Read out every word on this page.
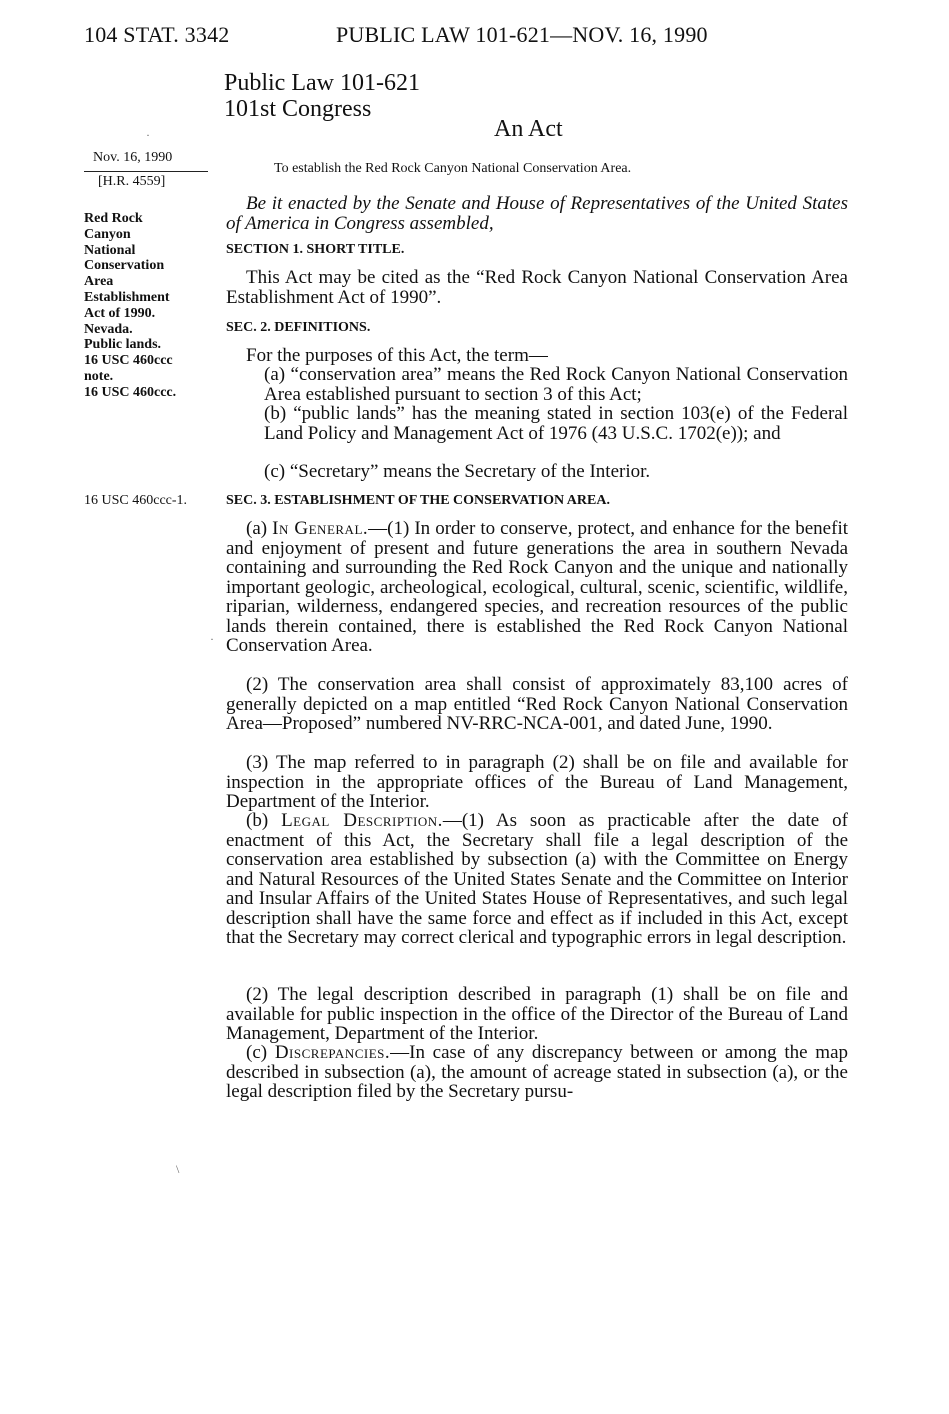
104 STAT. 3342	PUBLIC LAW 101-621—NOV. 16, 1990
Public Law 101-621
101st Congress
An Act
Nov. 16, 1990
[H.R. 4559]
Red Rock
Canyon
National
Conservation
Area
Establishment
Act of 1990.
Nevada.
Public lands.
16 USC 460ccc
note.
16 USC 460ccc.
To establish the Red Rock Canyon National Conservation Area.
Be it enacted by the Senate and House of Representatives of the United States of America in Congress assembled,
SECTION 1. SHORT TITLE.
This Act may be cited as the “Red Rock Canyon National Conservation Area Establishment Act of 1990”.
SEC. 2. DEFINITIONS.
For the purposes of this Act, the term—
(a) “conservation area” means the Red Rock Canyon National Conservation Area established pursuant to section 3 of this Act;
(b) “public lands” has the meaning stated in section 103(e) of the Federal Land Policy and Management Act of 1976 (43 U.S.C. 1702(e)); and
(c) “Secretary” means the Secretary of the Interior.
16 USC 460ccc-1.	SEC. 3. ESTABLISHMENT OF THE CONSERVATION AREA.
(a) In General.—(1) In order to conserve, protect, and enhance for the benefit and enjoyment of present and future generations the area in southern Nevada containing and surrounding the Red Rock Canyon and the unique and nationally important geologic, archeological, ecological, cultural, scenic, scientific, wildlife, riparian, wilderness, endangered species, and recreation resources of the public lands therein contained, there is established the Red Rock Canyon National Conservation Area.
(2) The conservation area shall consist of approximately 83,100 acres of generally depicted on a map entitled “Red Rock Canyon National Conservation Area—Proposed” numbered NV-RRC-NCA-001, and dated June, 1990.
(3) The map referred to in paragraph (2) shall be on file and available for inspection in the appropriate offices of the Bureau of Land Management, Department of the Interior.
(b) Legal Description.—(1) As soon as practicable after the date of enactment of this Act, the Secretary shall file a legal description of the conservation area established by subsection (a) with the Committee on Energy and Natural Resources of the United States Senate and the Committee on Interior and Insular Affairs of the United States House of Representatives, and such legal description shall have the same force and effect as if included in this Act, except that the Secretary may correct clerical and typographic errors in legal description.
(2) The legal description described in paragraph (1) shall be on file and available for public inspection in the office of the Director of the Bureau of Land Management, Department of the Interior.
(c) Discrepancies.—In case of any discrepancy between or among the map described in subsection (a), the amount of acreage stated in subsection (a), or the legal description filed by the Secretary pursu-
·
·
\
